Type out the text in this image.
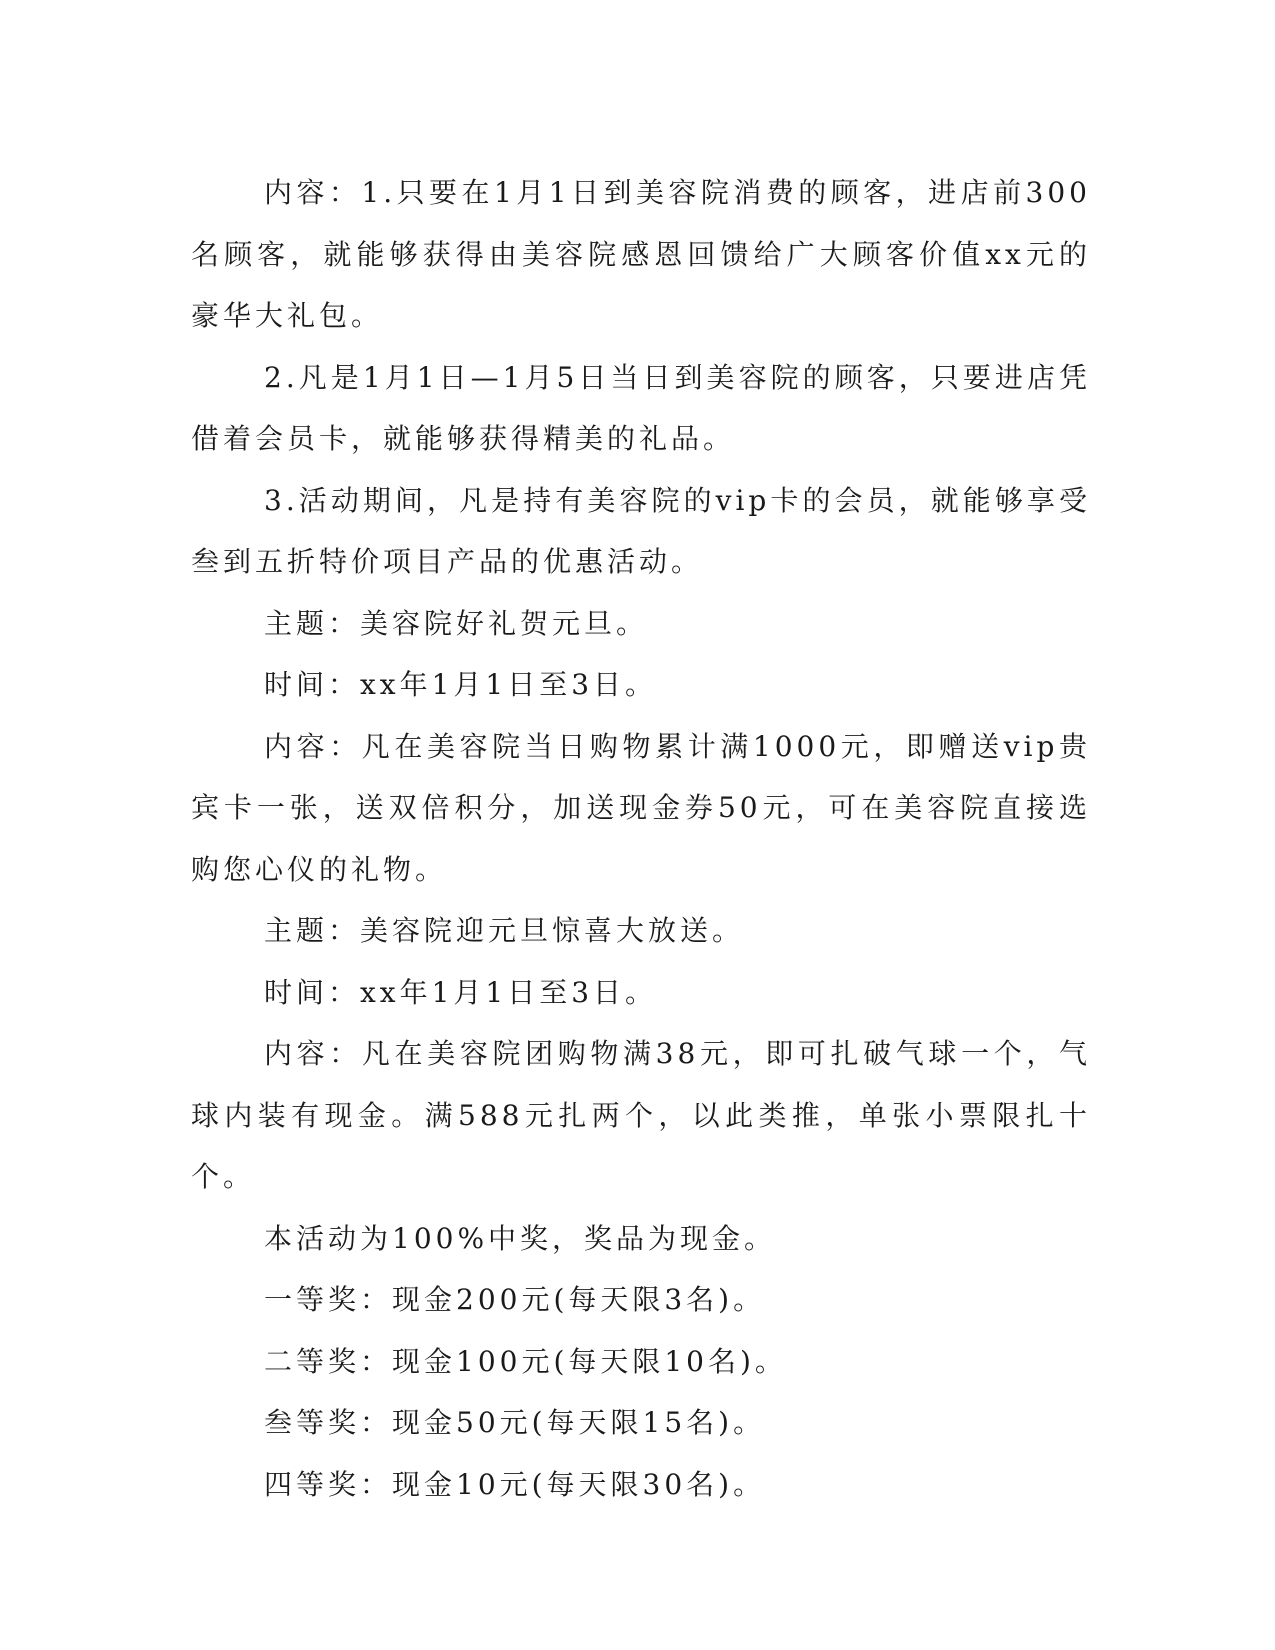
内容：1.只要在1月1日到美容院消费的顾客，进店前300名顾客，就能够获得由美容院感恩回馈给广大顾客价值xx元的豪华大礼包。

2.凡是1月1日—1月5日当日到美容院的顾客，只要进店凭借着会员卡，就能够获得精美的礼品。

3.活动期间，凡是持有美容院的vip卡的会员，就能够享受叁到五折特价项目产品的优惠活动。

主题：美容院好礼贺元旦。

时间：xx年1月1日至3日。

内容：凡在美容院当日购物累计满1000元，即赠送vip贵宾卡一张，送双倍积分，加送现金券50元，可在美容院直接选购您心仪的礼物。

主题：美容院迎元旦惊喜大放送。

时间：xx年1月1日至3日。

内容：凡在美容院团购物满38元，即可扎破气球一个，气球内装有现金。满588元扎两个，以此类推，单张小票限扎十个。

本活动为100%中奖，奖品为现金。

一等奖：现金200元(每天限3名)。

二等奖：现金100元(每天限10名)。

叁等奖：现金50元(每天限15名)。

四等奖：现金10元(每天限30名)。
